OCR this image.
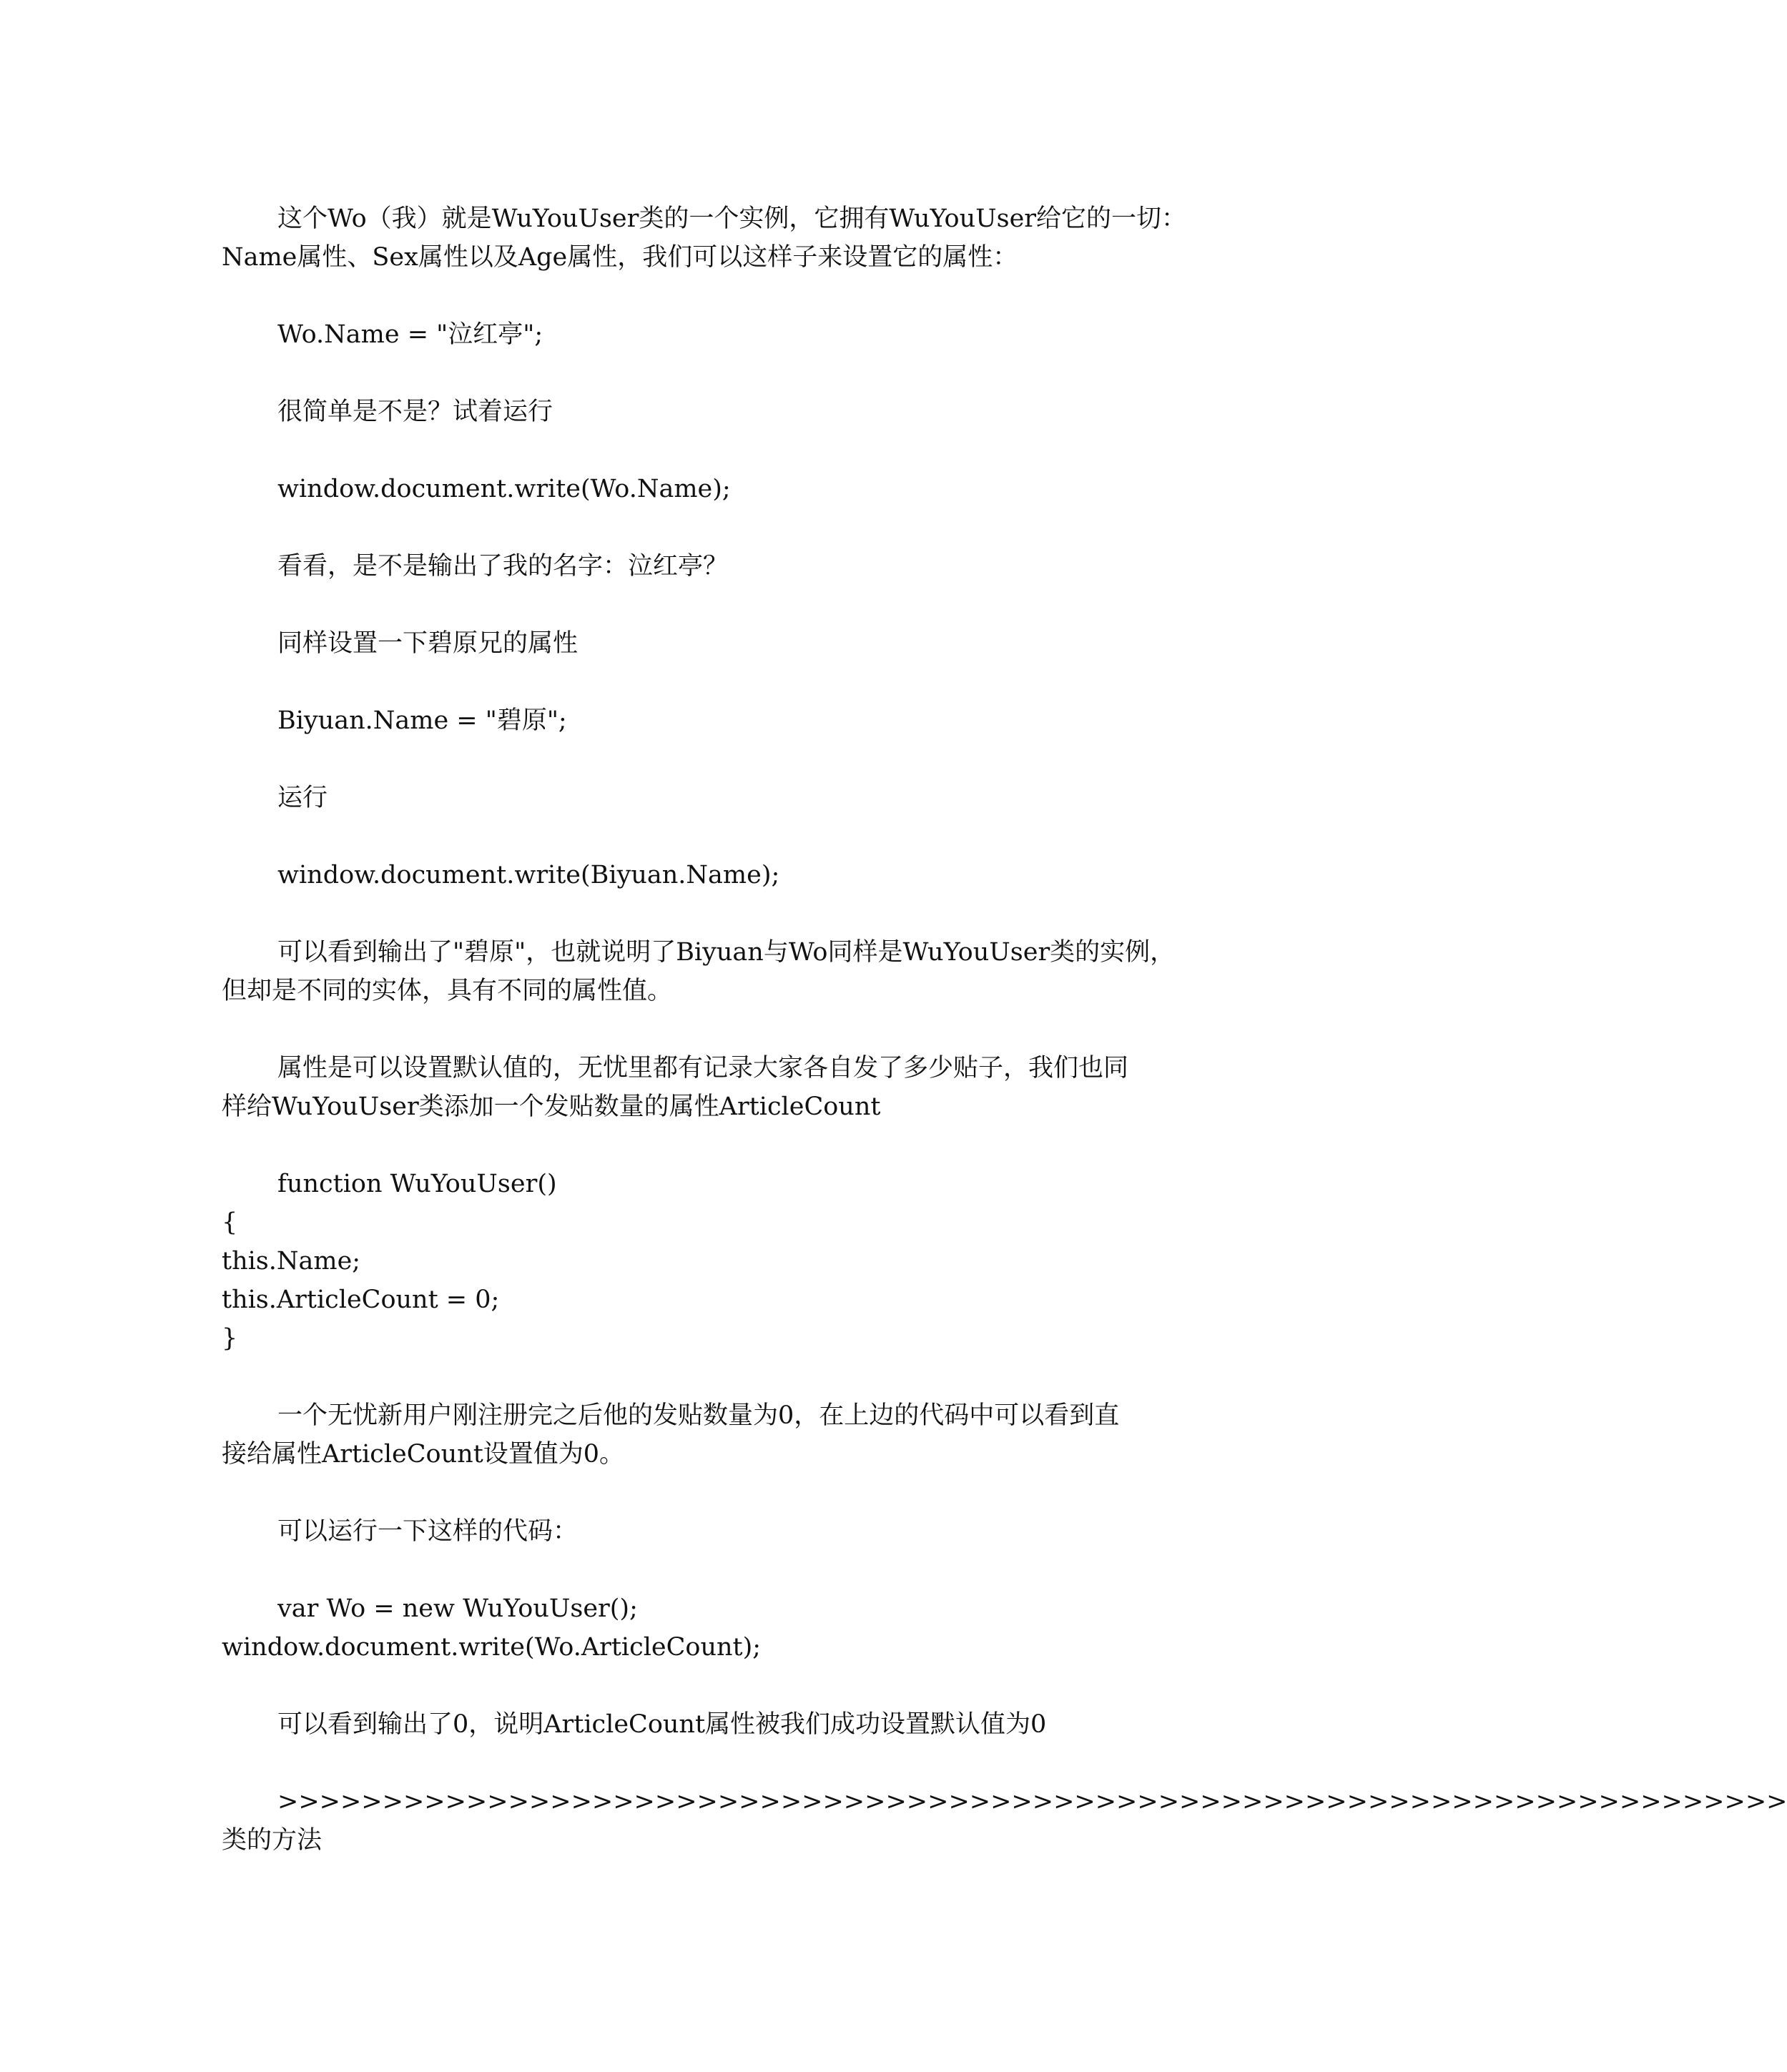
这个Wo（我）就是WuYouUser类的一个实例，它拥有WuYouUser给它的一切：
Name属性、Sex属性以及Age属性，我们可以这样子来设置它的属性：
Wo.Name = "泣红亭";
很简单是不是？试着运行
window.document.write(Wo.Name);
看看，是不是输出了我的名字：泣红亭？
同样设置一下碧原兄的属性
Biyuan.Name = "碧原";
运行
window.document.write(Biyuan.Name);
可以看到输出了"碧原"，也就说明了Biyuan与Wo同样是WuYouUser类的实例，
但却是不同的实体，具有不同的属性值。
属性是可以设置默认值的，无忧里都有记录大家各自发了多少贴子，我们也同
样给WuYouUser类添加一个发贴数量的属性ArticleCount
function WuYouUser()
{
this.Name;
this.ArticleCount = 0;
}
一个无忧新用户刚注册完之后他的发贴数量为0，在上边的代码中可以看到直
接给属性ArticleCount设置值为0。
可以运行一下这样的代码：
var Wo = new WuYouUser();
window.document.write(Wo.ArticleCount);
可以看到输出了0，说明ArticleCount属性被我们成功设置默认值为0
>>>>>>>>>>>>>>>>>>>>>>>>>>>>>>>>>>>>>>>>>>>>>>>>>>>>>>>>>>>>>>>>>>>>>>>>
类的方法
